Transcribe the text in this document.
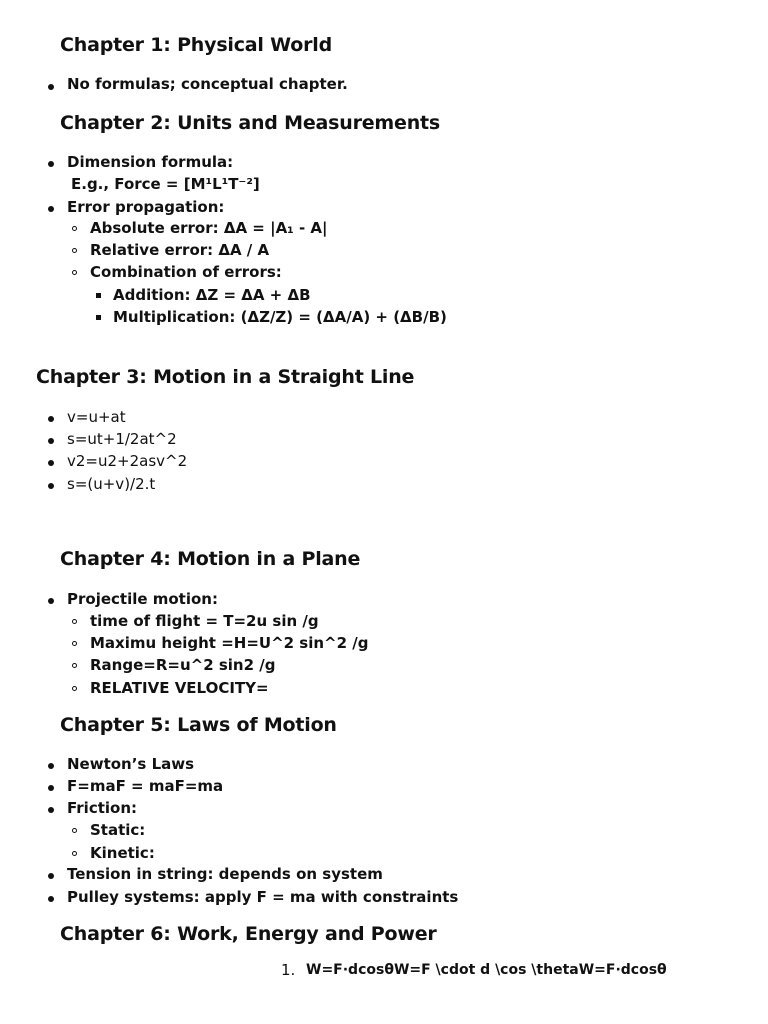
Chapter 1: Physical World
No formulas; conceptual chapter.
Chapter 2: Units and Measurements
Dimension formula:
E.g., Force = [M¹L¹T⁻²]
Error propagation:
Absolute error: ΔA = |A₁ - A|
Relative error: ΔA / A
Combination of errors:
Addition: ΔZ = ΔA + ΔB
Multiplication: (ΔZ/Z) = (ΔA/A) + (ΔB/B)
Chapter 3: Motion in a Straight Line
v=u+at
s=ut+1/2at^2
v2=u2+2asv^2
s=(u+v)/2.t
Chapter 4: Motion in a Plane
Projectile motion:
time of flight = T=2u sin /g
Maximu height =H=U^2 sin^2 /g
Range=R=u^2 sin2 /g
RELATIVE VELOCITY=
Chapter 5: Laws of Motion
Newton’s Laws
F=maF = maF=ma
Friction:
Static:
Kinetic:
Tension in string: depends on system
Pulley systems: apply F = ma with constraints
Chapter 6: Work, Energy and Power
1. W=F⋅dcosθW=F \cdot d \cos \thetaW=F⋅dcosθ
